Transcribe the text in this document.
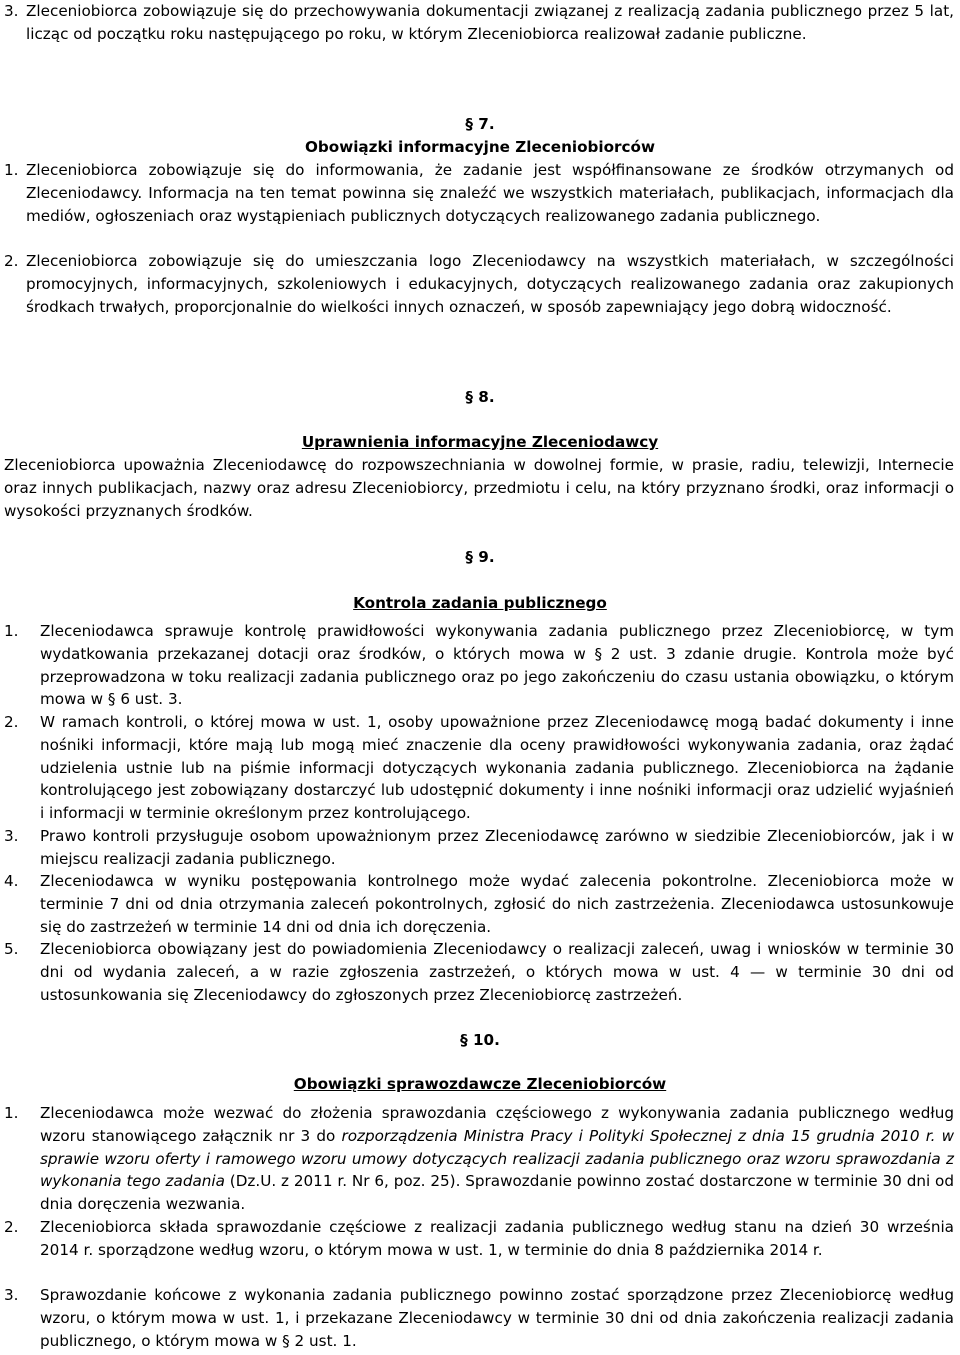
3. Zleceniobiorca zobowiązuje się do przechowywania dokumentacji związanej z realizacją zadania publicznego przez 5 lat, licząc od początku roku następującego po roku, w którym Zleceniobiorca realizował zadanie publiczne.
§ 7.
Obowiązki informacyjne Zleceniobiorców
1. Zleceniobiorca zobowiązuje się do informowania, że zadanie jest współfinansowane ze środków otrzymanych od Zleceniodawcy. Informacja na ten temat powinna się znaleźć we wszystkich materiałach, publikacjach, informacjach dla mediów, ogłoszeniach oraz wystąpieniach publicznych dotyczących realizowanego zadania publicznego.
2. Zleceniobiorca zobowiązuje się do umieszczania logo Zleceniodawcy na wszystkich materiałach, w szczególności promocyjnych, informacyjnych, szkoleniowych i edukacyjnych, dotyczących realizowanego zadania oraz zakupionych środkach trwałych, proporcjonalnie do wielkości innych oznaczeń, w sposób zapewniający jego dobrą widoczność.
§ 8.
Uprawnienia informacyjne Zleceniodawcy
Zleceniobiorca upoważnia Zleceniodawcę do rozpowszechniania w dowolnej formie, w prasie, radiu, telewizji, Internecie oraz innych publikacjach, nazwy oraz adresu Zleceniobiorcy, przedmiotu i celu, na który przyznano środki, oraz informacji o wysokości przyznanych środków.
§ 9.
Kontrola zadania publicznego
1.	Zleceniodawca sprawuje kontrolę prawidłowości wykonywania zadania publicznego przez Zleceniobiorcę, w tym wydatkowania przekazanej dotacji oraz środków, o których mowa w § 2 ust. 3 zdanie drugie. Kontrola może być przeprowadzona w toku realizacji zadania publicznego oraz po jego zakończeniu do czasu ustania obowiązku, o którym mowa w § 6 ust. 3.
2.	W ramach kontroli, o której mowa w ust. 1, osoby upoważnione przez Zleceniodawcę mogą badać dokumenty i inne nośniki informacji, które mają lub mogą mieć znaczenie dla oceny prawidłowości wykonywania zadania, oraz żądać udzielenia ustnie lub na piśmie informacji dotyczących wykonania zadania publicznego. Zleceniobiorca na żądanie kontrolującego jest zobowiązany dostarczyć lub udostępnić dokumenty i inne nośniki informacji oraz udzielić wyjaśnień i informacji w terminie określonym przez kontrolującego.
3.	Prawo kontroli przysługuje osobom upoważnionym przez Zleceniodawcę zarówno w siedzibie Zleceniobiorców, jak i w miejscu realizacji zadania publicznego.
4.	Zleceniodawca w wyniku postępowania kontrolnego może wydać zalecenia pokontrolne. Zleceniobiorca może w terminie 7 dni od dnia otrzymania zaleceń pokontrolnych, zgłosić do nich zastrzeżenia. Zleceniodawca ustosunkowuje się do zastrzeżeń w terminie 14 dni od dnia ich doręczenia.
5.	Zleceniobiorca obowiązany jest do powiadomienia Zleceniodawcy o realizacji zaleceń, uwag i wniosków w terminie 30 dni od wydania zaleceń, a w razie zgłoszenia zastrzeżeń, o których mowa w ust. 4 — w terminie 30 dni od ustosunkowania się Zleceniodawcy do zgłoszonych przez Zleceniobiorcę zastrzeżeń.
§ 10.
Obowiązki sprawozdawcze Zleceniobiorców
1.	Zleceniodawca może wezwać do złożenia sprawozdania częściowego z wykonywania zadania publicznego według wzoru stanowiącego załącznik nr 3 do rozporządzenia Ministra Pracy i Polityki Społecznej z dnia 15 grudnia 2010 r. w sprawie wzoru oferty i ramowego wzoru umowy dotyczących realizacji zadania publicznego oraz wzoru sprawozdania z wykonania tego zadania (Dz.U. z 2011 r. Nr 6, poz. 25). Sprawozdanie powinno zostać dostarczone w terminie 30 dni od dnia doręczenia wezwania.
2.	Zleceniobiorca składa sprawozdanie częściowe z realizacji zadania publicznego według stanu na dzień 30 września 2014 r. sporządzone według wzoru, o którym mowa w ust. 1, w terminie do dnia 8 października 2014 r.
3.	Sprawozdanie końcowe z wykonania zadania publicznego powinno zostać sporządzone przez Zleceniobiorcę według wzoru, o którym mowa w ust. 1, i przekazane Zleceniodawcy w terminie 30 dni od dnia zakończenia realizacji zadania publicznego, o którym mowa w § 2 ust. 1.
